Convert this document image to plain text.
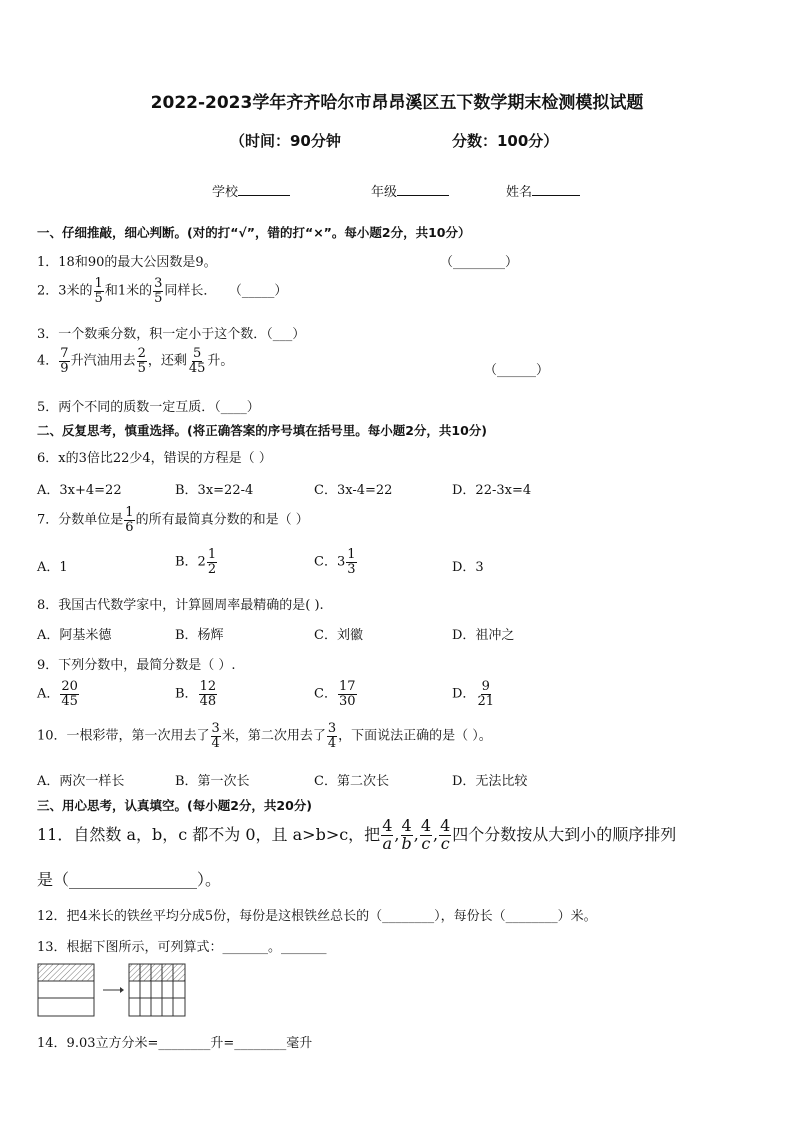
2022-2023学年齐齐哈尔市昂昂溪区五下数学期末检测模拟试题
（时间：90分钟	分数：100分）
学校	年级	姓名
一、仔细推敲，细心判断。(对的打“√”，错的打“×”。每小题2分，共10分）
1．18和90的最大公因数是9。	（________）
2．3米的 $\frac{1}{5}$ 和1米的 $\frac{3}{5}$ 同样长． （_____）
3．一个数乘分数，积一定小于这个数．（___）
4． $\frac{7}{9}$ 升汽油用去 $\frac{2}{5}$ ，还剩 $\frac{5}{45}$ 升。
（______）
5．两个不同的质数一定互质．（____）
二、反复思考，慎重选择。(将正确答案的序号填在括号里。每小题2分，共10分)
6．x的3倍比22少4，错误的方程是（ ）
A．3x+4=22	B．3x=22-4	C．3x-4=22	D．22-3x=4
7．分数单位是 $\frac{1}{6}$ 的所有最简真分数的和是（ ）
A．1	B．$2 \frac{1}{2}$	C．$3 \frac{1}{3}$	D．3
8．我国古代数学家中，计算圆周率最精确的是( ).
A．阿基米德	B．杨辉	C．刘徽	D．祖冲之
9．下列分数中，最简分数是（ ）.
A． $\frac{20}{45}$	B． $\frac{12}{48}$	C． $\frac{17}{30}$	D． $\frac{9}{21}$
10．一根彩带，第一次用去了 $\frac{3}{4}$ 米，第二次用去了 $\frac{3}{4}$ ，下面说法正确的是（ ）。
A．两次一样长	B．第一次长	C．第二次长	D．无法比较
三、用心思考，认真填空。(每小题2分，共20分)
11．自然数 a，b，c 都不为 0，且 a>b>c，把 $\frac{4}{a}$ , $\frac{4}{b}$ , $\frac{4}{c}$ , $\frac{4}{c}$ 四个分数按从大到小的顺序排列
是（________________）。
12．把4米长的铁丝平均分成5份，每份是这根铁丝总长的（________），每份长（________）米。
13．根据下图所示，可列算式：_______。_______
14．9.03立方分米=________升=________毫升
